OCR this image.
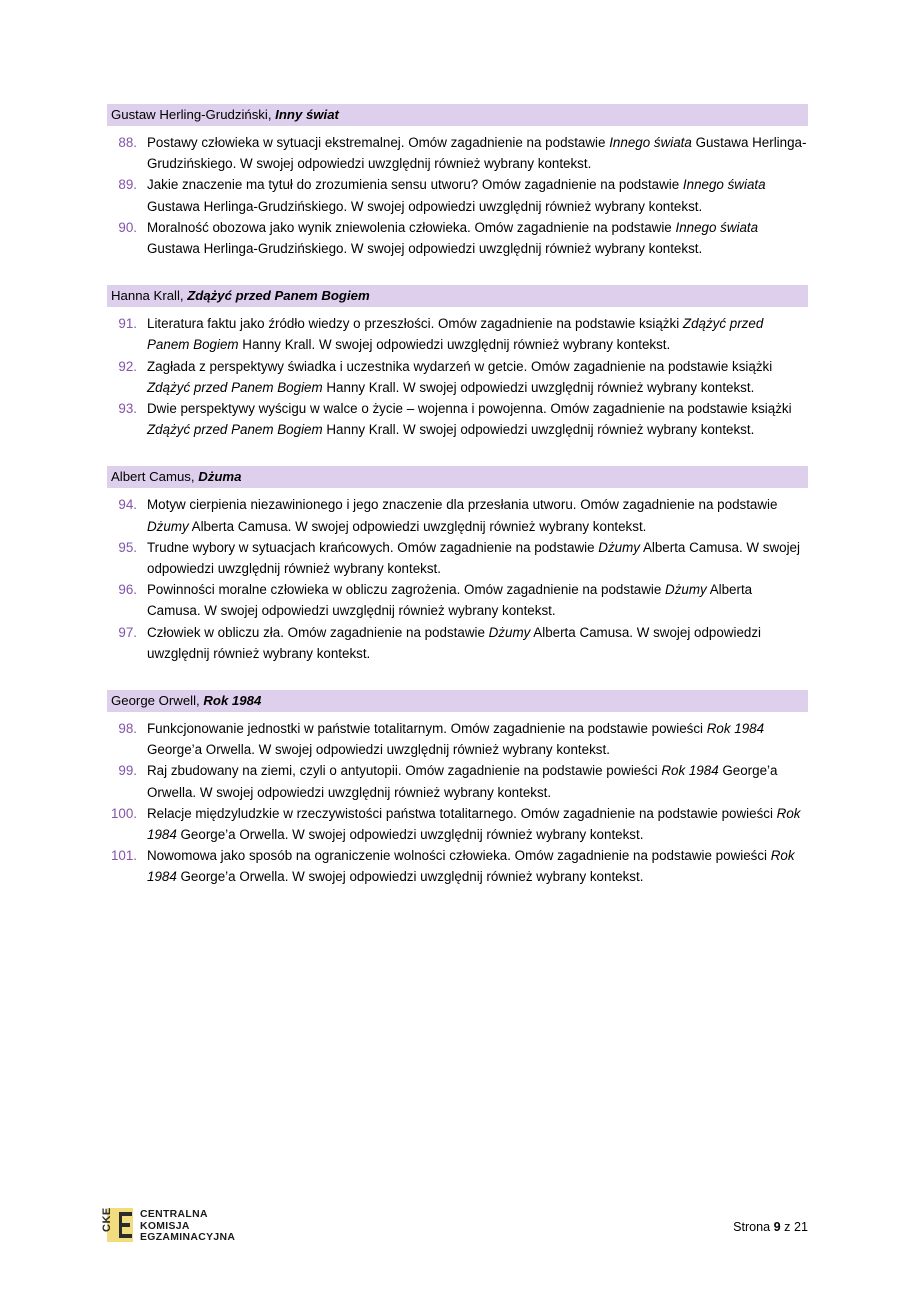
Gustaw Herling-Grudziński, Inny świat
88. Postawy człowieka w sytuacji ekstremalnej. Omów zagadnienie na podstawie Innego świata Gustawa Herlinga-Grudzińskiego. W swojej odpowiedzi uwzględnij również wybrany kontekst.
89. Jakie znaczenie ma tytuł do zrozumienia sensu utworu? Omów zagadnienie na podstawie Innego świata Gustawa Herlinga-Grudzińskiego. W swojej odpowiedzi uwzględnij również wybrany kontekst.
90. Moralność obozowa jako wynik zniewolenia człowieka. Omów zagadnienie na podstawie Innego świata Gustawa Herlinga-Grudzińskiego. W swojej odpowiedzi uwzględnij również wybrany kontekst.
Hanna Krall, Zdążyć przed Panem Bogiem
91. Literatura faktu jako źródło wiedzy o przeszłości. Omów zagadnienie na podstawie książki Zdążyć przed Panem Bogiem Hanny Krall. W swojej odpowiedzi uwzględnij również wybrany kontekst.
92. Zagłada z perspektywy świadka i uczestnika wydarzeń w getcie. Omów zagadnienie na podstawie książki Zdążyć przed Panem Bogiem Hanny Krall. W swojej odpowiedzi uwzględnij również wybrany kontekst.
93. Dwie perspektywy wyścigu w walce o życie – wojenna i powojenna. Omów zagadnienie na podstawie książki Zdążyć przed Panem Bogiem Hanny Krall. W swojej odpowiedzi uwzględnij również wybrany kontekst.
Albert Camus, Dżuma
94. Motyw cierpienia niezawinionego i jego znaczenie dla przesłania utworu. Omów zagadnienie na podstawie Dżumy Alberta Camusa. W swojej odpowiedzi uwzględnij również wybrany kontekst.
95. Trudne wybory w sytuacjach krańcowych. Omów zagadnienie na podstawie Dżumy Alberta Camusa. W swojej odpowiedzi uwzględnij również wybrany kontekst.
96. Powinności moralne człowieka w obliczu zagrożenia. Omów zagadnienie na podstawie Dżumy Alberta Camusa. W swojej odpowiedzi uwzględnij również wybrany kontekst.
97. Człowiek w obliczu zła. Omów zagadnienie na podstawie Dżumy Alberta Camusa. W swojej odpowiedzi uwzględnij również wybrany kontekst.
George Orwell, Rok 1984
98. Funkcjonowanie jednostki w państwie totalitarnym. Omów zagadnienie na podstawie powieści Rok 1984 George’a Orwella. W swojej odpowiedzi uwzględnij również wybrany kontekst.
99. Raj zbudowany na ziemi, czyli o antyutopii. Omów zagadnienie na podstawie powieści Rok 1984 George’a Orwella. W swojej odpowiedzi uwzględnij również wybrany kontekst.
100. Relacje międzyludzkie w rzeczywistości państwa totalitarnego. Omów zagadnienie na podstawie powieści Rok 1984 George’a Orwella. W swojej odpowiedzi uwzględnij również wybrany kontekst.
101. Nowomowa jako sposób na ograniczenie wolności człowieka. Omów zagadnienie na podstawie powieści Rok 1984 George’a Orwella. W swojej odpowiedzi uwzględnij również wybrany kontekst.
CKE	CENTRALNA
KOMISJA
EGZAMINACYJNA
Strona 9 z 21
